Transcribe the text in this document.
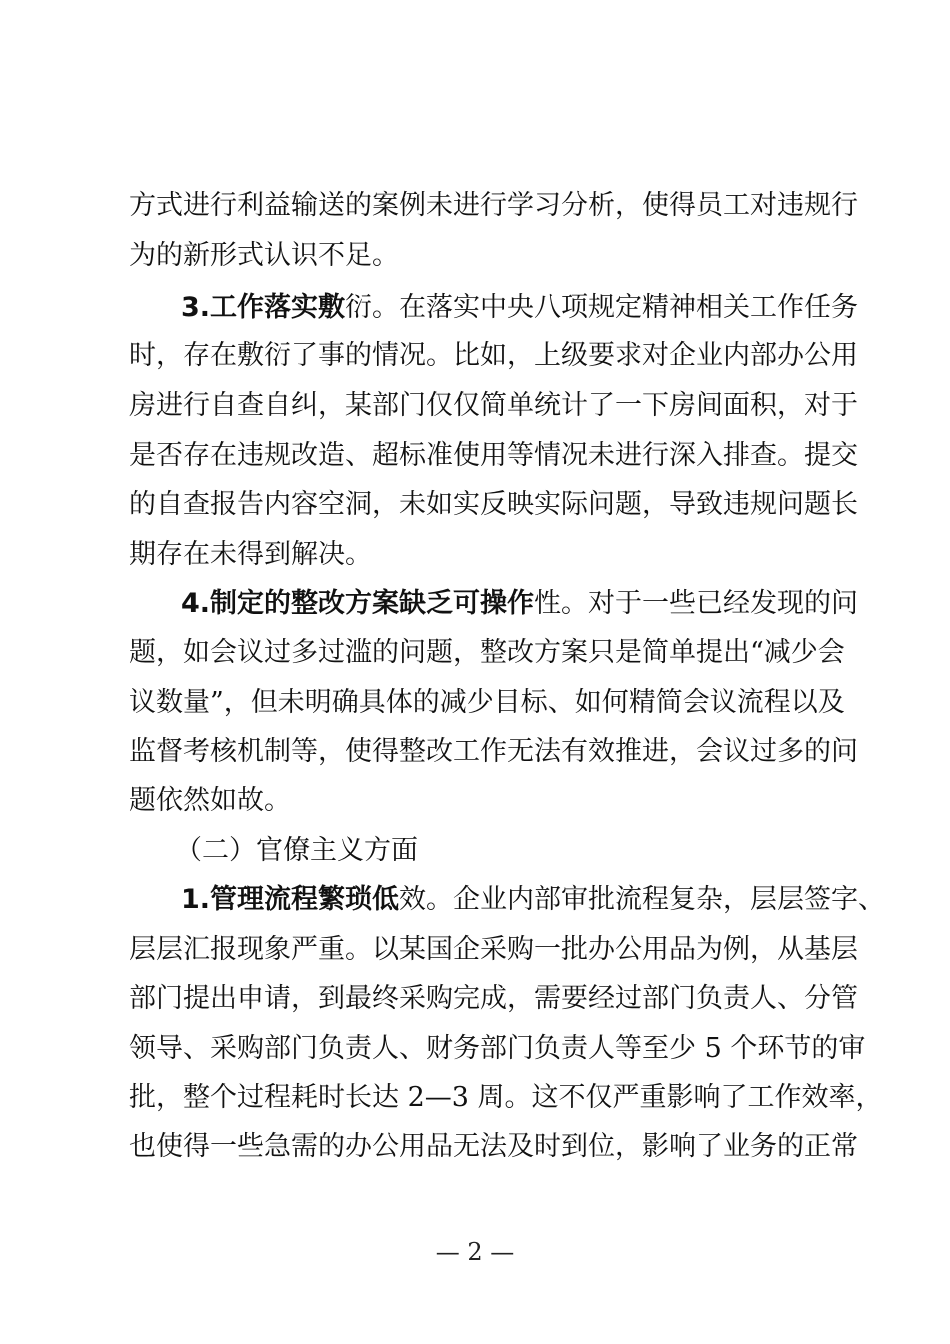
方式进行利益输送的案例未进行学习分析，使得员工对违规行
为的新形式认识不足。
3.工作落实敷衍。在落实中央八项规定精神相关工作任务
时，存在敷衍了事的情况。比如，上级要求对企业内部办公用
房进行自查自纠，某部门仅仅简单统计了一下房间面积，对于
是否存在违规改造、超标准使用等情况未进行深入排查。提交
的自查报告内容空洞，未如实反映实际问题，导致违规问题长
期存在未得到解决。
4.制定的整改方案缺乏可操作性。对于一些已经发现的问
题，如会议过多过滥的问题，整改方案只是简单提出“减少会
议数量”，但未明确具体的减少目标、如何精简会议流程以及
监督考核机制等，使得整改工作无法有效推进，会议过多的问
题依然如故。
（二）官僚主义方面
1.管理流程繁琐低效。企业内部审批流程复杂，层层签字、
层层汇报现象严重。以某国企采购一批办公用品为例，从基层
部门提出申请，到最终采购完成，需要经过部门负责人、分管
领导、采购部门负责人、财务部门负责人等至少 5 个环节的审
批，整个过程耗时长达 2—3 周。这不仅严重影响了工作效率，
也使得一些急需的办公用品无法及时到位，影响了业务的正常
— 2 —
